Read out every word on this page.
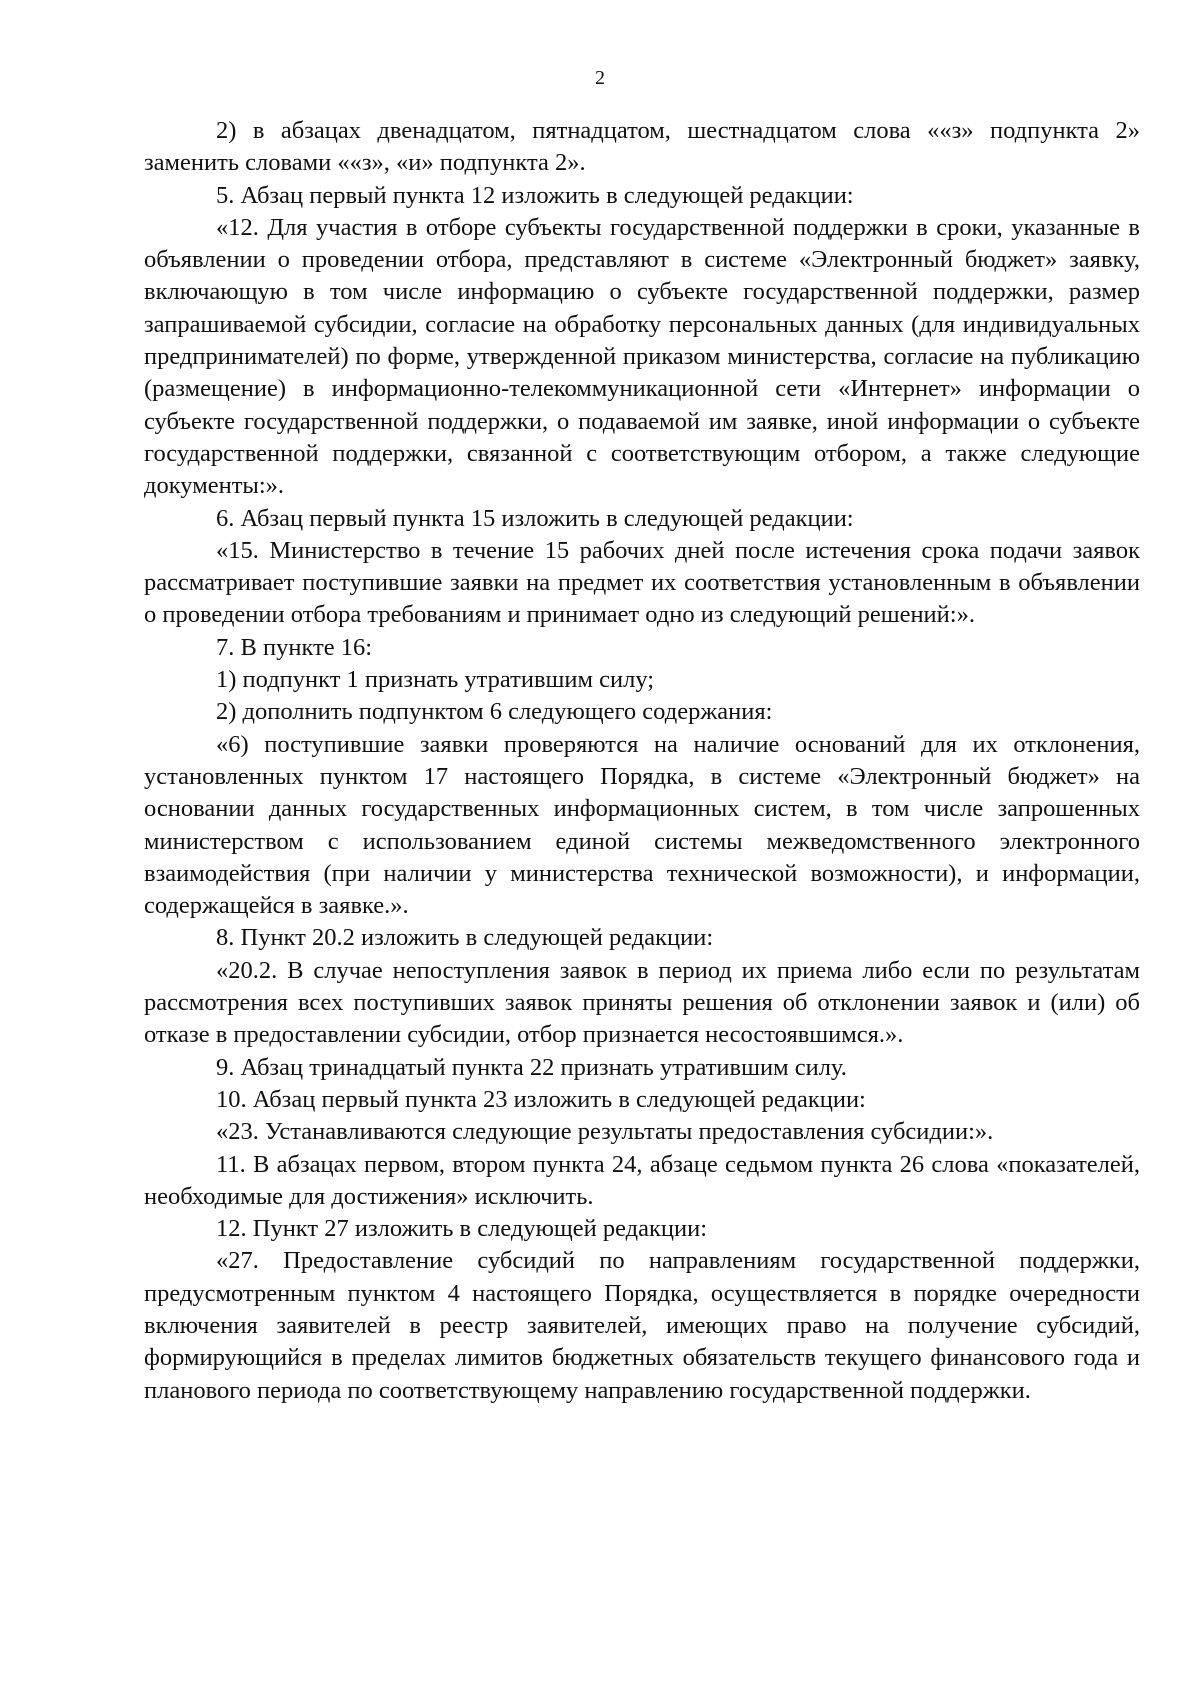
2

2) в абзацах двенадцатом, пятнадцатом, шестнадцатом слова ««з» подпункта 2» заменить словами ««з», «и» подпункта 2».

5. Абзац первый пункта 12 изложить в следующей редакции:

«12. Для участия в отборе субъекты государственной поддержки в сроки, указанные в объявлении о проведении отбора, представляют в системе «Электронный бюджет» заявку, включающую в том числе информацию о субъекте государственной поддержки, размер запрашиваемой субсидии, согласие на обработку персональных данных (для индивидуальных предпринимателей) по форме, утвержденной приказом министерства, согласие на публикацию (размещение) в информационно-телекоммуникационной сети «Интернет» информации о субъекте государственной поддержки, о подаваемой им заявке, иной информации о субъекте государственной поддержки, связанной с соответствующим отбором, а также следующие документы:».

6. Абзац первый пункта 15 изложить в следующей редакции:

«15. Министерство в течение 15 рабочих дней после истечения срока подачи заявок рассматривает поступившие заявки на предмет их соответствия установленным в объявлении о проведении отбора требованиям и принимает одно из следующий решений:».

7. В пункте 16:

1) подпункт 1 признать утратившим силу;

2) дополнить подпунктом 6 следующего содержания:

«6) поступившие заявки проверяются на наличие оснований для их отклонения, установленных пунктом 17 настоящего Порядка, в системе «Электронный бюджет» на основании данных государственных информационных систем, в том числе запрошенных министерством с использованием единой системы межведомственного электронного взаимодействия (при наличии у министерства технической возможности), и информации, содержащейся в заявке.».

8. Пункт 20.2 изложить в следующей редакции:

«20.2. В случае непоступления заявок в период их приема либо если по результатам рассмотрения всех поступивших заявок приняты решения об отклонении заявок и (или) об отказе в предоставлении субсидии, отбор признается несостоявшимся.».

9. Абзац тринадцатый пункта 22 признать утратившим силу.

10. Абзац первый пункта 23 изложить в следующей редакции:

«23. Устанавливаются следующие результаты предоставления субсидии:».

11. В абзацах первом, втором пункта 24, абзаце седьмом пункта 26 слова «показателей, необходимые для достижения» исключить.

12. Пункт 27 изложить в следующей редакции:

«27. Предоставление субсидий по направлениям государственной поддержки, предусмотренным пунктом 4 настоящего Порядка, осуществляется в порядке очередности включения заявителей в реестр заявителей, имеющих право на получение субсидий, формирующийся в пределах лимитов бюджетных обязательств текущего финансового года и планового периода по соответствующему направлению государственной поддержки.
